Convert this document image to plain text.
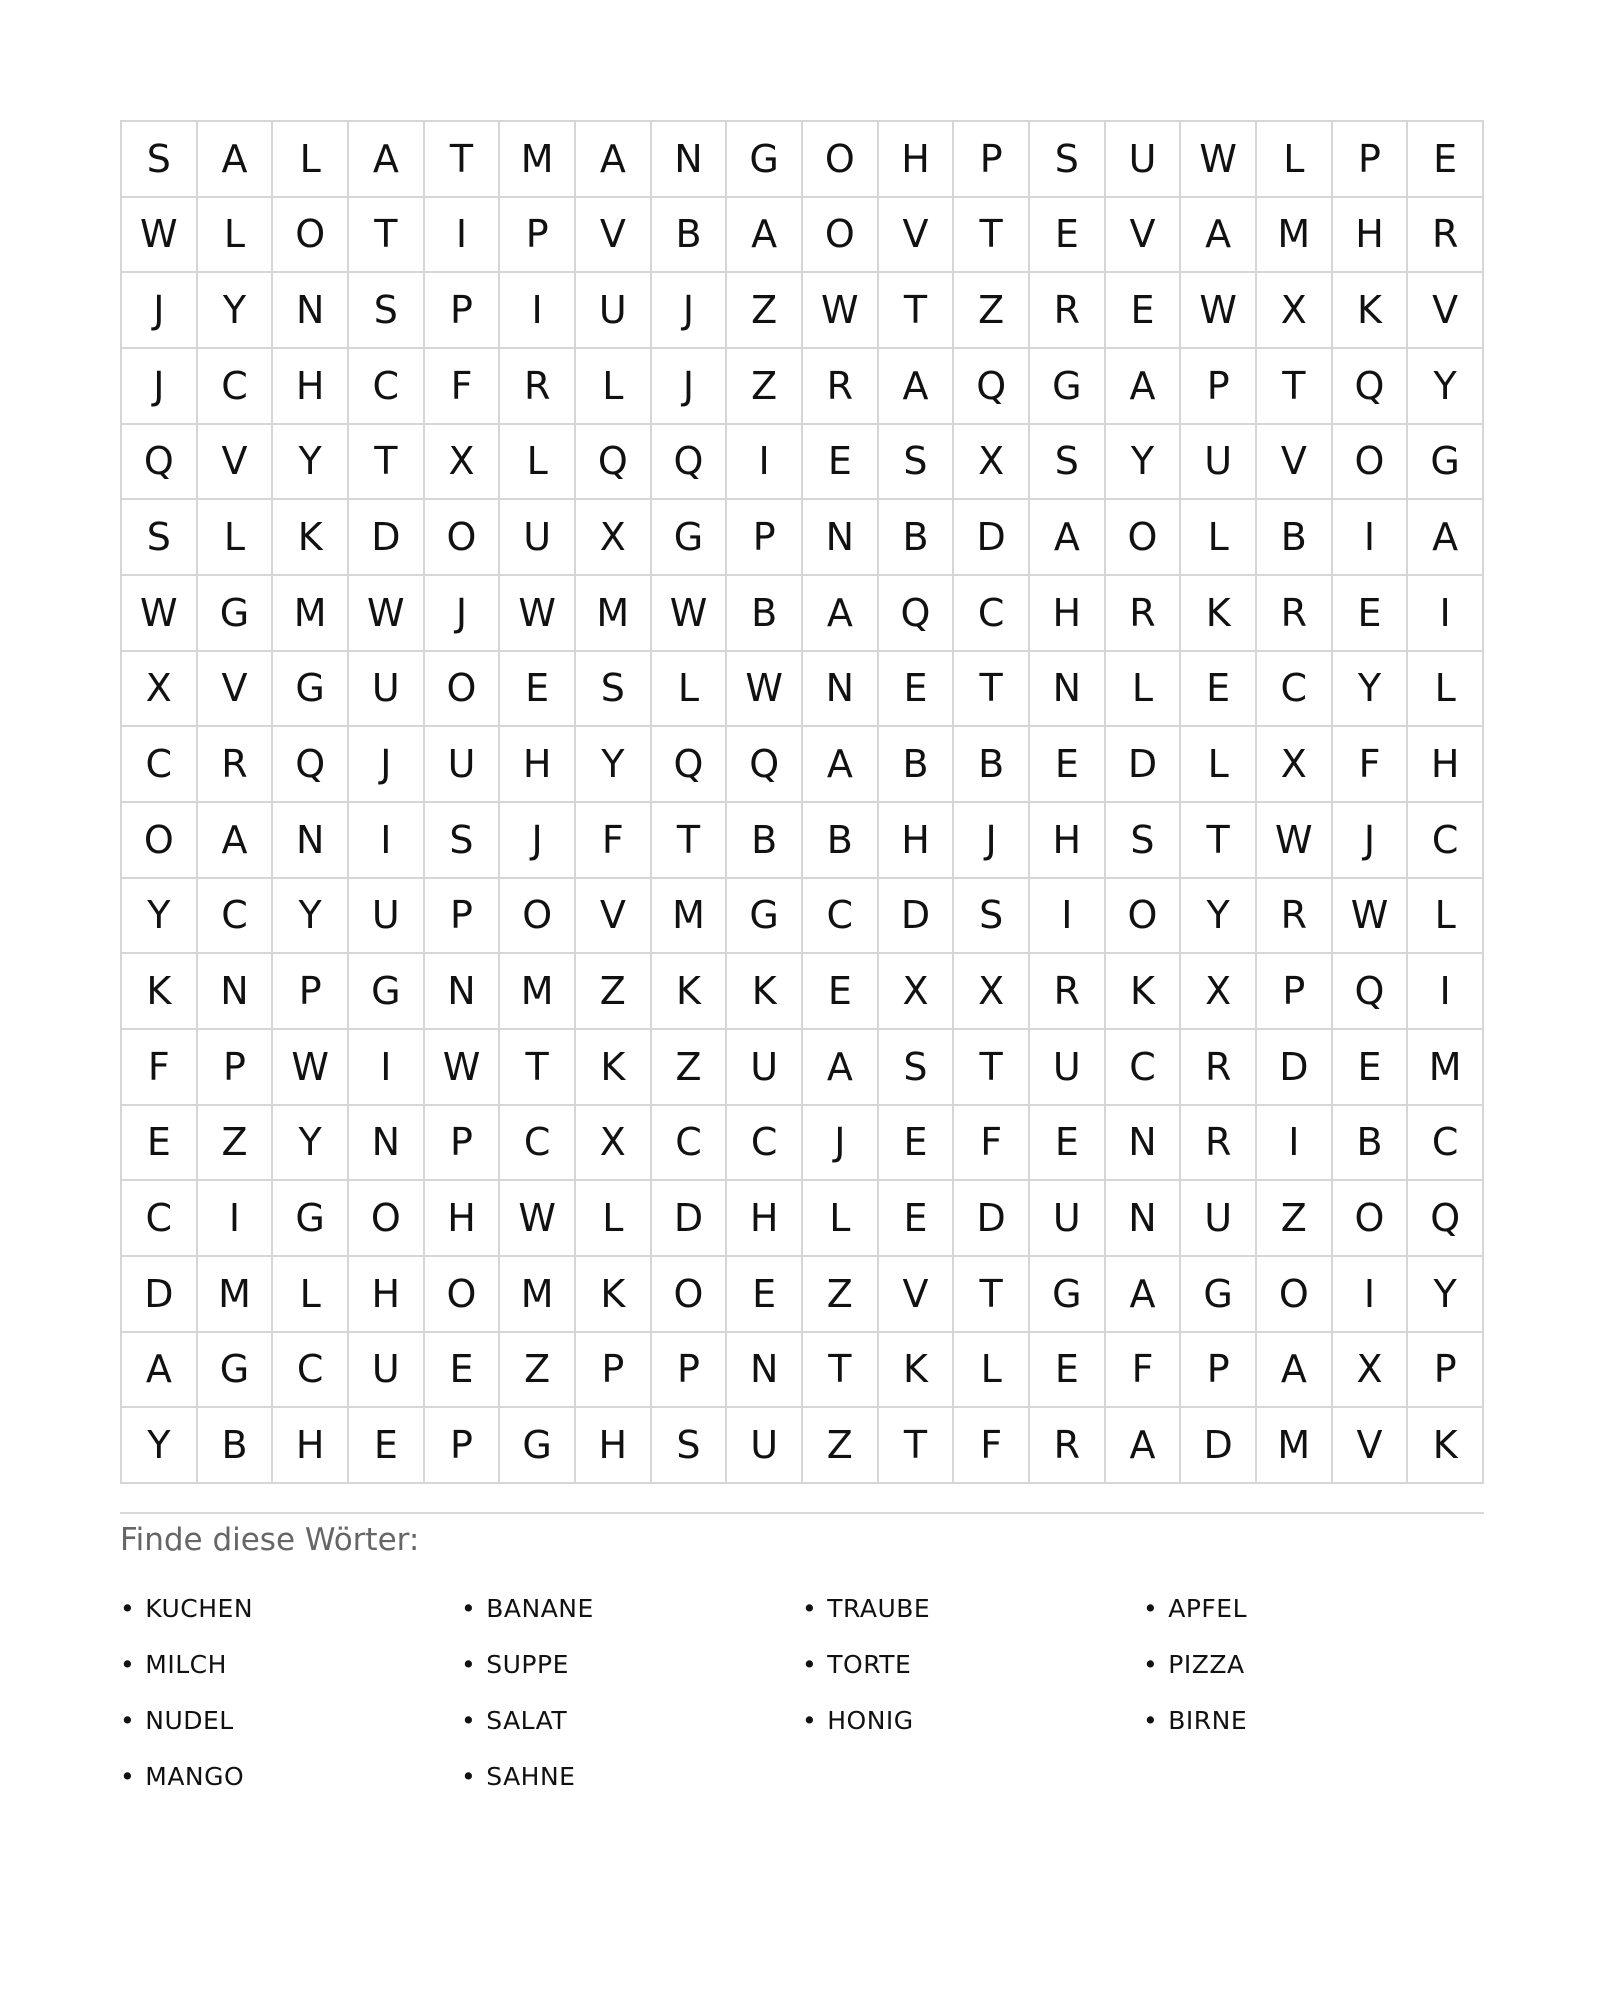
S	A	L	A	T	M	A	N	G	O	H	P	S	U	W	L	P	E
W	L	O	T	I	P	V	B	A	O	V	T	E	V	A	M	H	R
J	Y	N	S	P	I	U	J	Z	W	T	Z	R	E	W	X	K	V
J	C	H	C	F	R	L	J	Z	R	A	Q	G	A	P	T	Q	Y
Q	V	Y	T	X	L	Q	Q	I	E	S	X	S	Y	U	V	O	G
S	L	K	D	O	U	X	G	P	N	B	D	A	O	L	B	I	A
W	G	M	W	J	W	M	W	B	A	Q	C	H	R	K	R	E	I
X	V	G	U	O	E	S	L	W	N	E	T	N	L	E	C	Y	L
C	R	Q	J	U	H	Y	Q	Q	A	B	B	E	D	L	X	F	H
O	A	N	I	S	J	F	T	B	B	H	J	H	S	T	W	J	C
Y	C	Y	U	P	O	V	M	G	C	D	S	I	O	Y	R	W	L
K	N	P	G	N	M	Z	K	K	E	X	X	R	K	X	P	Q	I
F	P	W	I	W	T	K	Z	U	A	S	T	U	C	R	D	E	M
E	Z	Y	N	P	C	X	C	C	J	E	F	E	N	R	I	B	C
C	I	G	O	H	W	L	D	H	L	E	D	U	N	U	Z	O	Q
D	M	L	H	O	M	K	O	E	Z	V	T	G	A	G	O	I	Y
A	G	C	U	E	Z	P	P	N	T	K	L	E	F	P	A	X	P
Y	B	H	E	P	G	H	S	U	Z	T	F	R	A	D	M	V	K
Finde diese Wörter:
• KUCHEN	• BANANE	• TRAUBE	• APFEL
• MILCH	• SUPPE	• TORTE	• PIZZA
• NUDEL	• SALAT	• HONIG	• BIRNE
• MANGO	• SAHNE
